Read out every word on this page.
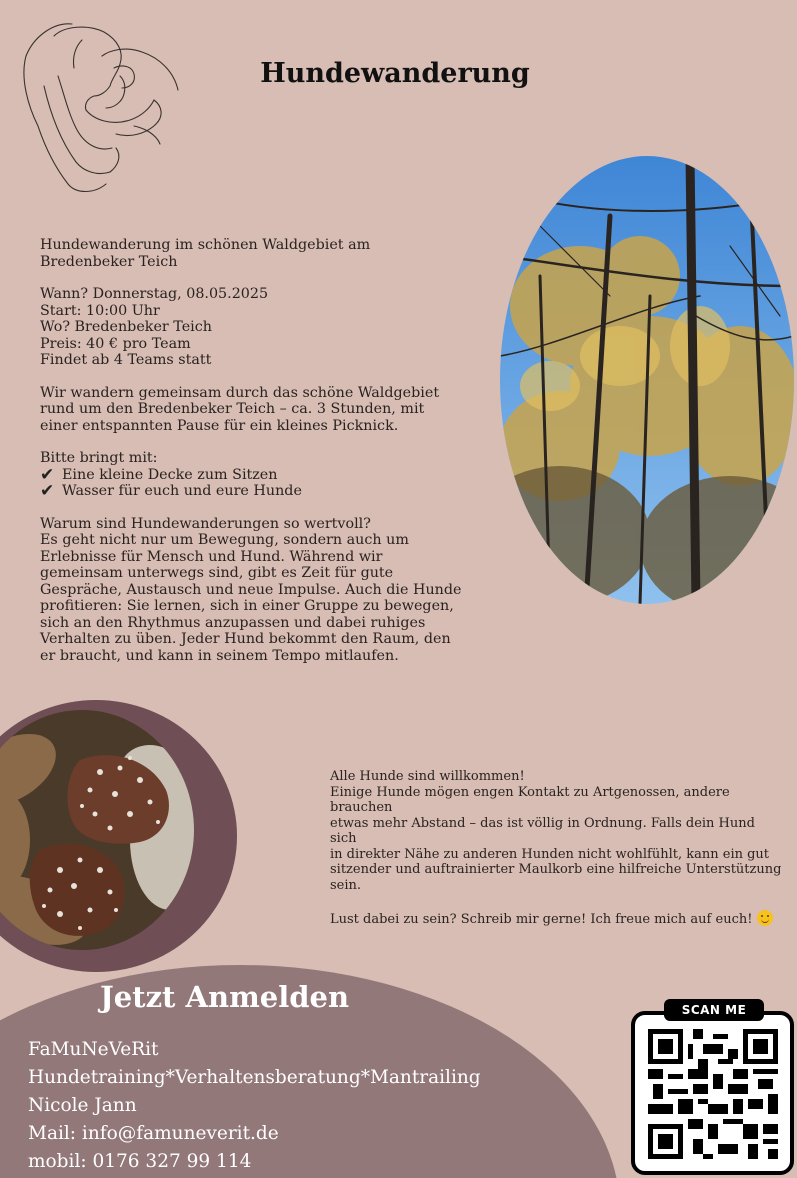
Hundewanderung

Hundewanderung im schönen Waldgebiet am
Bredenbeker Teich

Wann? Donnerstag, 08.05.2025
Start: 10:00 Uhr
Wo? Bredenbeker Teich
Preis: 40 € pro Team
Findet ab 4 Teams statt

Wir wandern gemeinsam durch das schöne Waldgebiet
rund um den Bredenbeker Teich – ca. 3 Stunden, mit
einer entspannten Pause für ein kleines Picknick.

Bitte bringt mit:

✔ Eine kleine Decke zum Sitzen
✔ Wasser für euch und eure Hunde

Warum sind Hundewanderungen so wertvoll?
Es geht nicht nur um Bewegung, sondern auch um
Erlebnisse für Mensch und Hund. Während wir
gemeinsam unterwegs sind, gibt es Zeit für gute
Gespräche, Austausch und neue Impulse. Auch die Hunde
profitieren: Sie lernen, sich in einer Gruppe zu bewegen,
sich an den Rhythmus anzupassen und dabei ruhiges
Verhalten zu üben. Jeder Hund bekommt den Raum, den
er braucht, und kann in seinem Tempo mitlaufen.

Alle Hunde sind willkommen!
Einige Hunde mögen engen Kontakt zu Artgenossen, andere brauchen
etwas mehr Abstand – das ist völlig in Ordnung. Falls dein Hund sich
in direkter Nähe zu anderen Hunden nicht wohlfühlt, kann ein gut
sitzender und auftrainierter Maulkorb eine hilfreiche Unterstützung
sein.

Lust dabei zu sein? Schreib mir gerne! Ich freue mich auf euch!

Jetzt Anmelden
FaMuNeVeRit
Hundetraining*Verhaltensberatung*Mantrailing
Nicole Jann
Mail: info@famuneverit.de
mobil: 0176 327 99 114
SCAN ME
